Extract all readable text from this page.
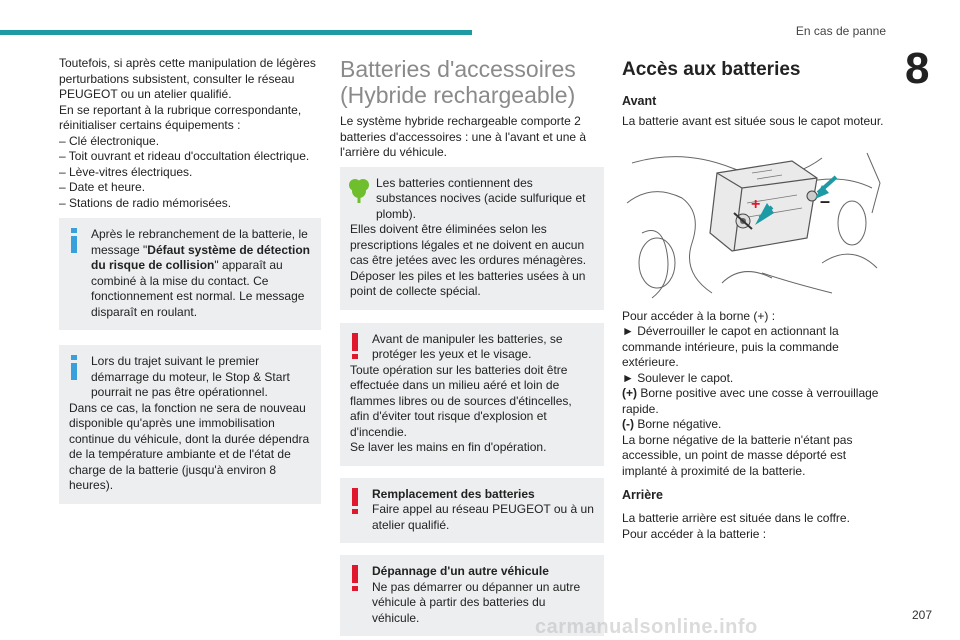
En cas de panne
8

Toutefois, si après cette manipulation de légères

perturbations subsistent, consulter le réseau

PEUGEOT ou un atelier qualifié.

En se reportant à la rubrique correspondante,

réinitialiser certains équipements :

– Clé électronique.

– Toit ouvrant et rideau d'occultation électrique.

– Lève-vitres électriques.

– Date et heure.

– Stations de radio mémorisées.

Après le rebranchement de la batterie, le message "Défaut système de détection du risque de collision" apparaît au combiné à la mise du contact. Ce fonctionnement est normal. Le message disparaît en roulant.
Lors du trajet suivant le premier démarrage du moteur, le Stop & Start pourrait ne pas être opérationnel.
Dans ce cas, la fonction ne sera de nouveau disponible qu'après une immobilisation continue du véhicule, dont la durée dépendra de la température ambiante et de l'état de charge de la batterie (jusqu'à environ 8 heures).
Batteries d'accessoires
(Hybride rechargeable)

Le système hybride rechargeable comporte 2 batteries d'accessoires : une à l'avant et une à l'arrière du véhicule.

Les batteries contiennent des substances nocives (acide sulfurique et plomb).
Elles doivent être éliminées selon les prescriptions légales et ne doivent en aucun cas être jetées avec les ordures ménagères.
Déposer les piles et les batteries usées à un point de collecte spécial.
Avant de manipuler les batteries, se protéger les yeux et le visage.
Toute opération sur les batteries doit être effectuée dans un milieu aéré et loin de flammes libres ou de sources d'étincelles, afin d'éviter tout risque d'explosion et d'incendie.
Se laver les mains en fin d'opération.
Remplacement des batteries
Faire appel au réseau PEUGEOT ou à un atelier qualifié.
Dépannage d'un autre véhicule
Ne pas démarrer ou dépanner un autre véhicule à partir des batteries du véhicule.
Accès aux batteries
Avant

La batterie avant est située sous le capot moteur.

+	–

Pour accéder à la borne (+) :

► Déverrouiller le capot en actionnant la commande intérieure, puis la commande extérieure.

► Soulever le capot.

(+) Borne positive avec une cosse à verrouillage rapide.

(-) Borne négative.

La borne négative de la batterie n'étant pas accessible, un point de masse déporté est implanté à proximité de la batterie.

Arrière

La batterie arrière est située dans le coffre.

Pour accéder à la batterie :

carmanualsonline.info
207
